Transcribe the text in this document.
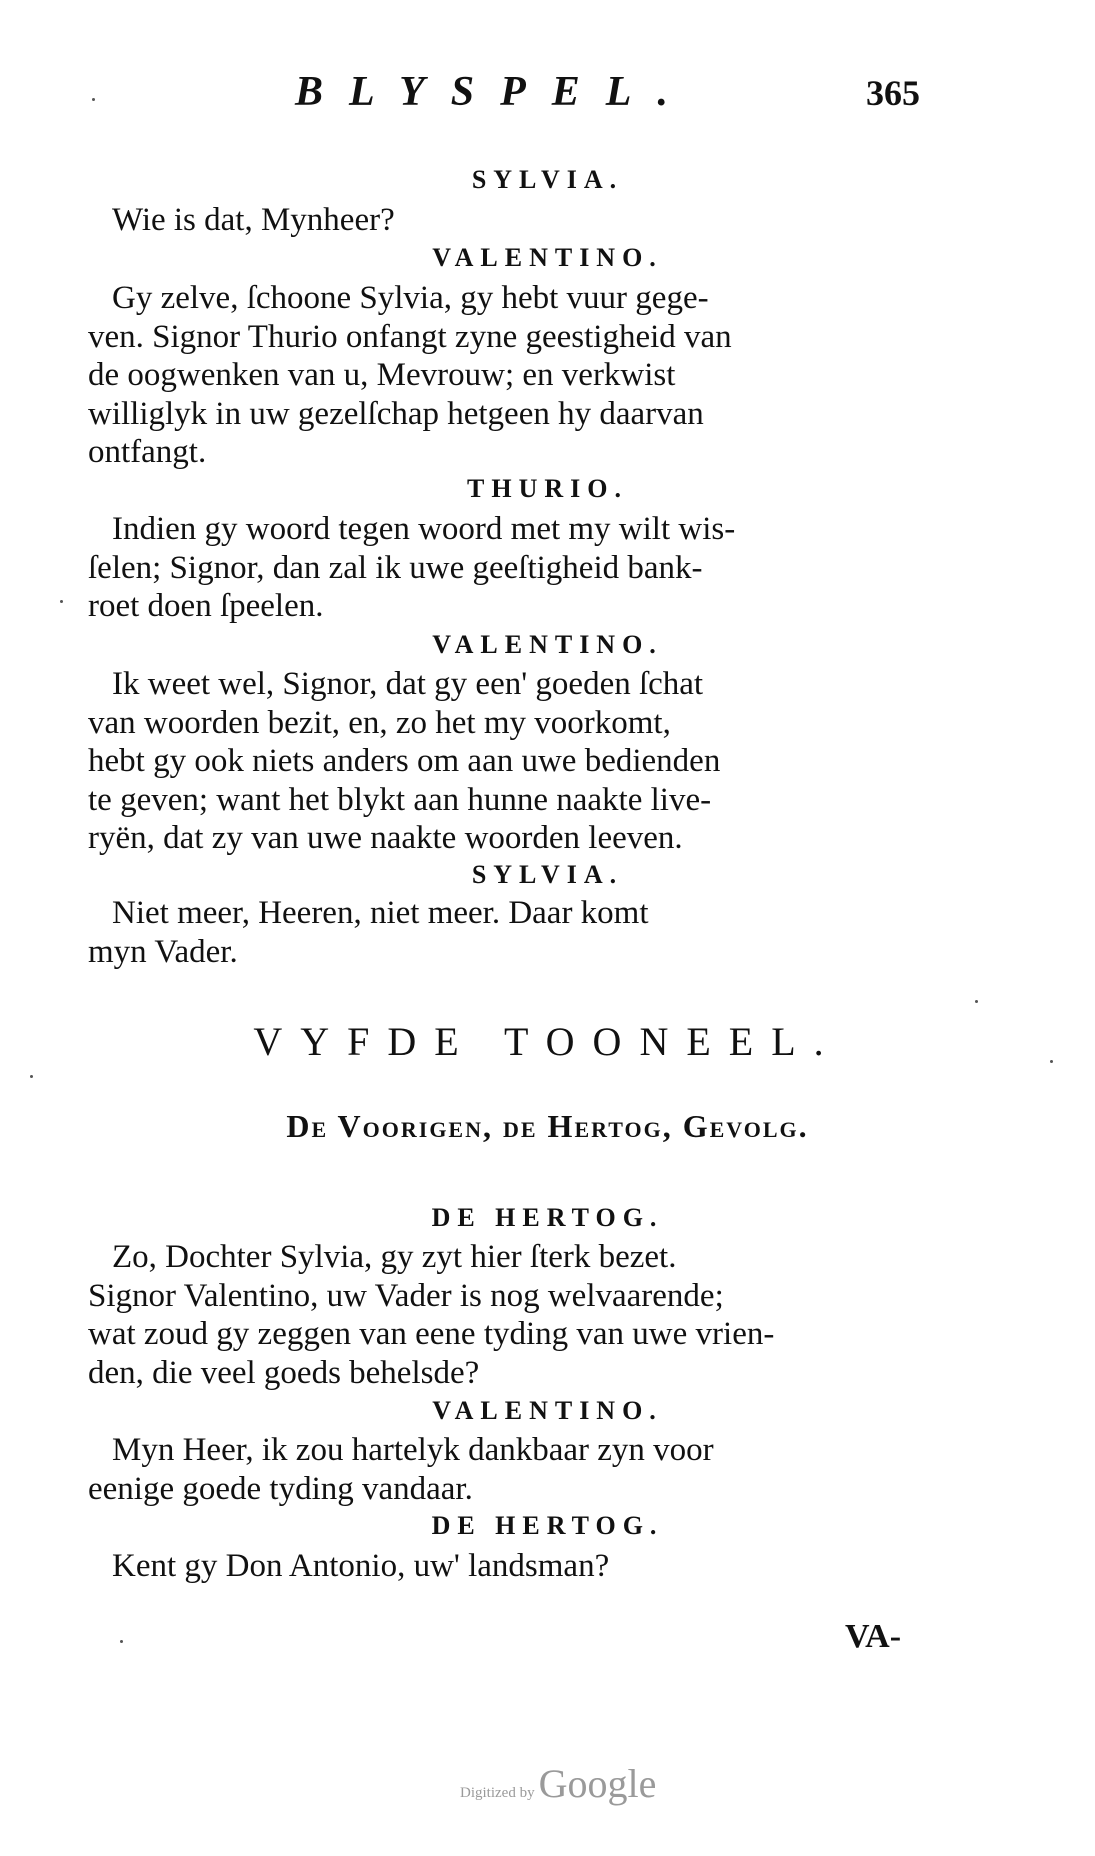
BLYSPEL.	365
SYLVIA.
Wie is dat, Mynheer?
VALENTINO.
Gy zelve, ſchoone Sylvia, gy hebt vuur gege-
ven. Signor Thurio onfangt zyne geestigheid van
de oogwenken van u, Mevrouw; en verkwist
williglyk in uw gezelſchap hetgeen hy daarvan
ontfangt.
THURIO.
Indien gy woord tegen woord met my wilt wis-
ſelen; Signor, dan zal ik uwe geeſtigheid bank-
roet doen ſpeelen.
VALENTINO.
Ik weet wel, Signor, dat gy een' goeden ſchat
van woorden bezit, en, zo het my voorkomt,
hebt gy ook niets anders om aan uwe bedienden
te geven; want het blykt aan hunne naakte live-
ryën, dat zy van uwe naakte woorden leeven.
SYLVIA.
Niet meer, Heeren, niet meer. Daar komt
myn Vader.
VYFDE TOONEEL.
De Voorigen, de Hertog, Gevolg.
DE HERTOG.
Zo, Dochter Sylvia, gy zyt hier ſterk bezet.
Signor Valentino, uw Vader is nog welvaarende;
wat zoud gy zeggen van eene tyding van uwe vrien-
den, die veel goeds behelsde?
VALENTINO.
Myn Heer, ik zou hartelyk dankbaar zyn voor
eenige goede tyding vandaar.
DE HERTOG.
Kent gy Don Antonio, uw' landsman?
VA-
Digitized by Google
